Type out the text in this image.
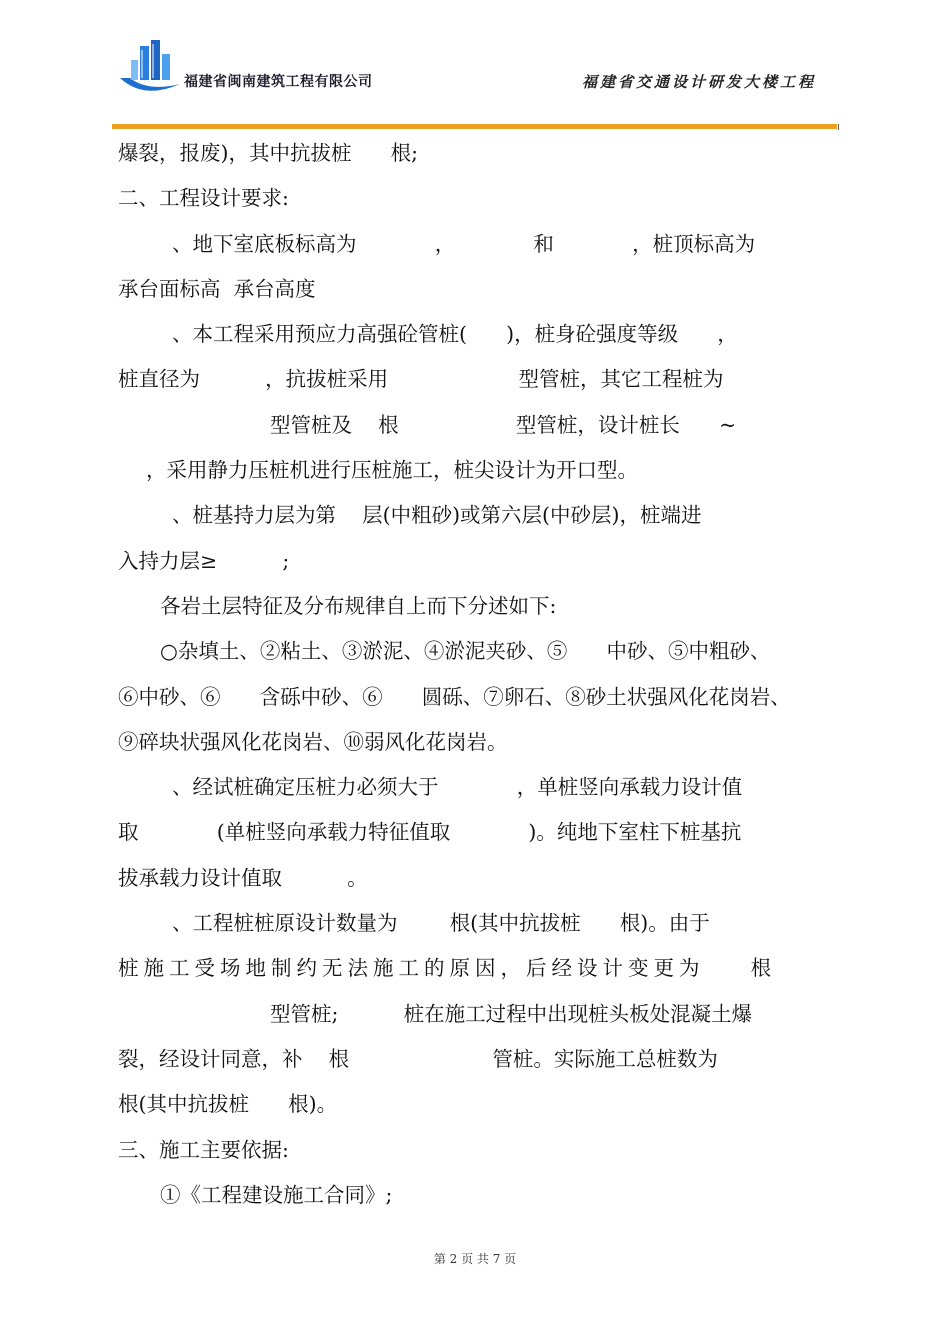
福建省闽南建筑工程有限公司	福建省交通设计研发大楼工程
爆裂，报废)，其中抗拔桩      根;
二、工程设计要求:
、地下室底板标高为            ，            和            ，桩顶标高为
承台面标高  承台高度
、本工程采用预应力高强砼管桩(      )，桩身砼强度等级      ，
桩直径为          ，抗拔桩采用                    型管桩，其它工程桩为
型管桩及    根                  型管桩，设计桩长      ~
，采用静力压桩机进行压桩施工，桩尖设计为开口型。
、桩基持力层为第    层(中粗砂)或第六层(中砂层)，桩端进
入持力层≥          ;
各岩土层特征及分布规律自上而下分述如下:
○杂填土、②粘土、③淤泥、④淤泥夹砂、⑤      中砂、⑤中粗砂、
⑥中砂、⑥      含砾中砂、⑥      圆砾、⑦卵石、⑧砂土状强风化花岗岩、
⑨碎块状强风化花岗岩、⑩弱风化花岗岩。
、经试桩确定压桩力必须大于            ，单桩竖向承载力设计值
取            (单桩竖向承载力特征值取            )。纯地下室柱下桩基抗
拔承载力设计值取          。
、工程桩桩原设计数量为        根(其中抗拔桩      根)。由于
桩施工受场地制约无法施工的原因，后经设计变更为    根
型管桩;          桩在施工过程中出现桩头板处混凝土爆
裂，经设计同意，补    根                      管桩。实际施工总桩数为
根(其中抗拔桩      根)。
三、施工主要依据:
①《工程建设施工合同》;
第 2 页 共 7 页
